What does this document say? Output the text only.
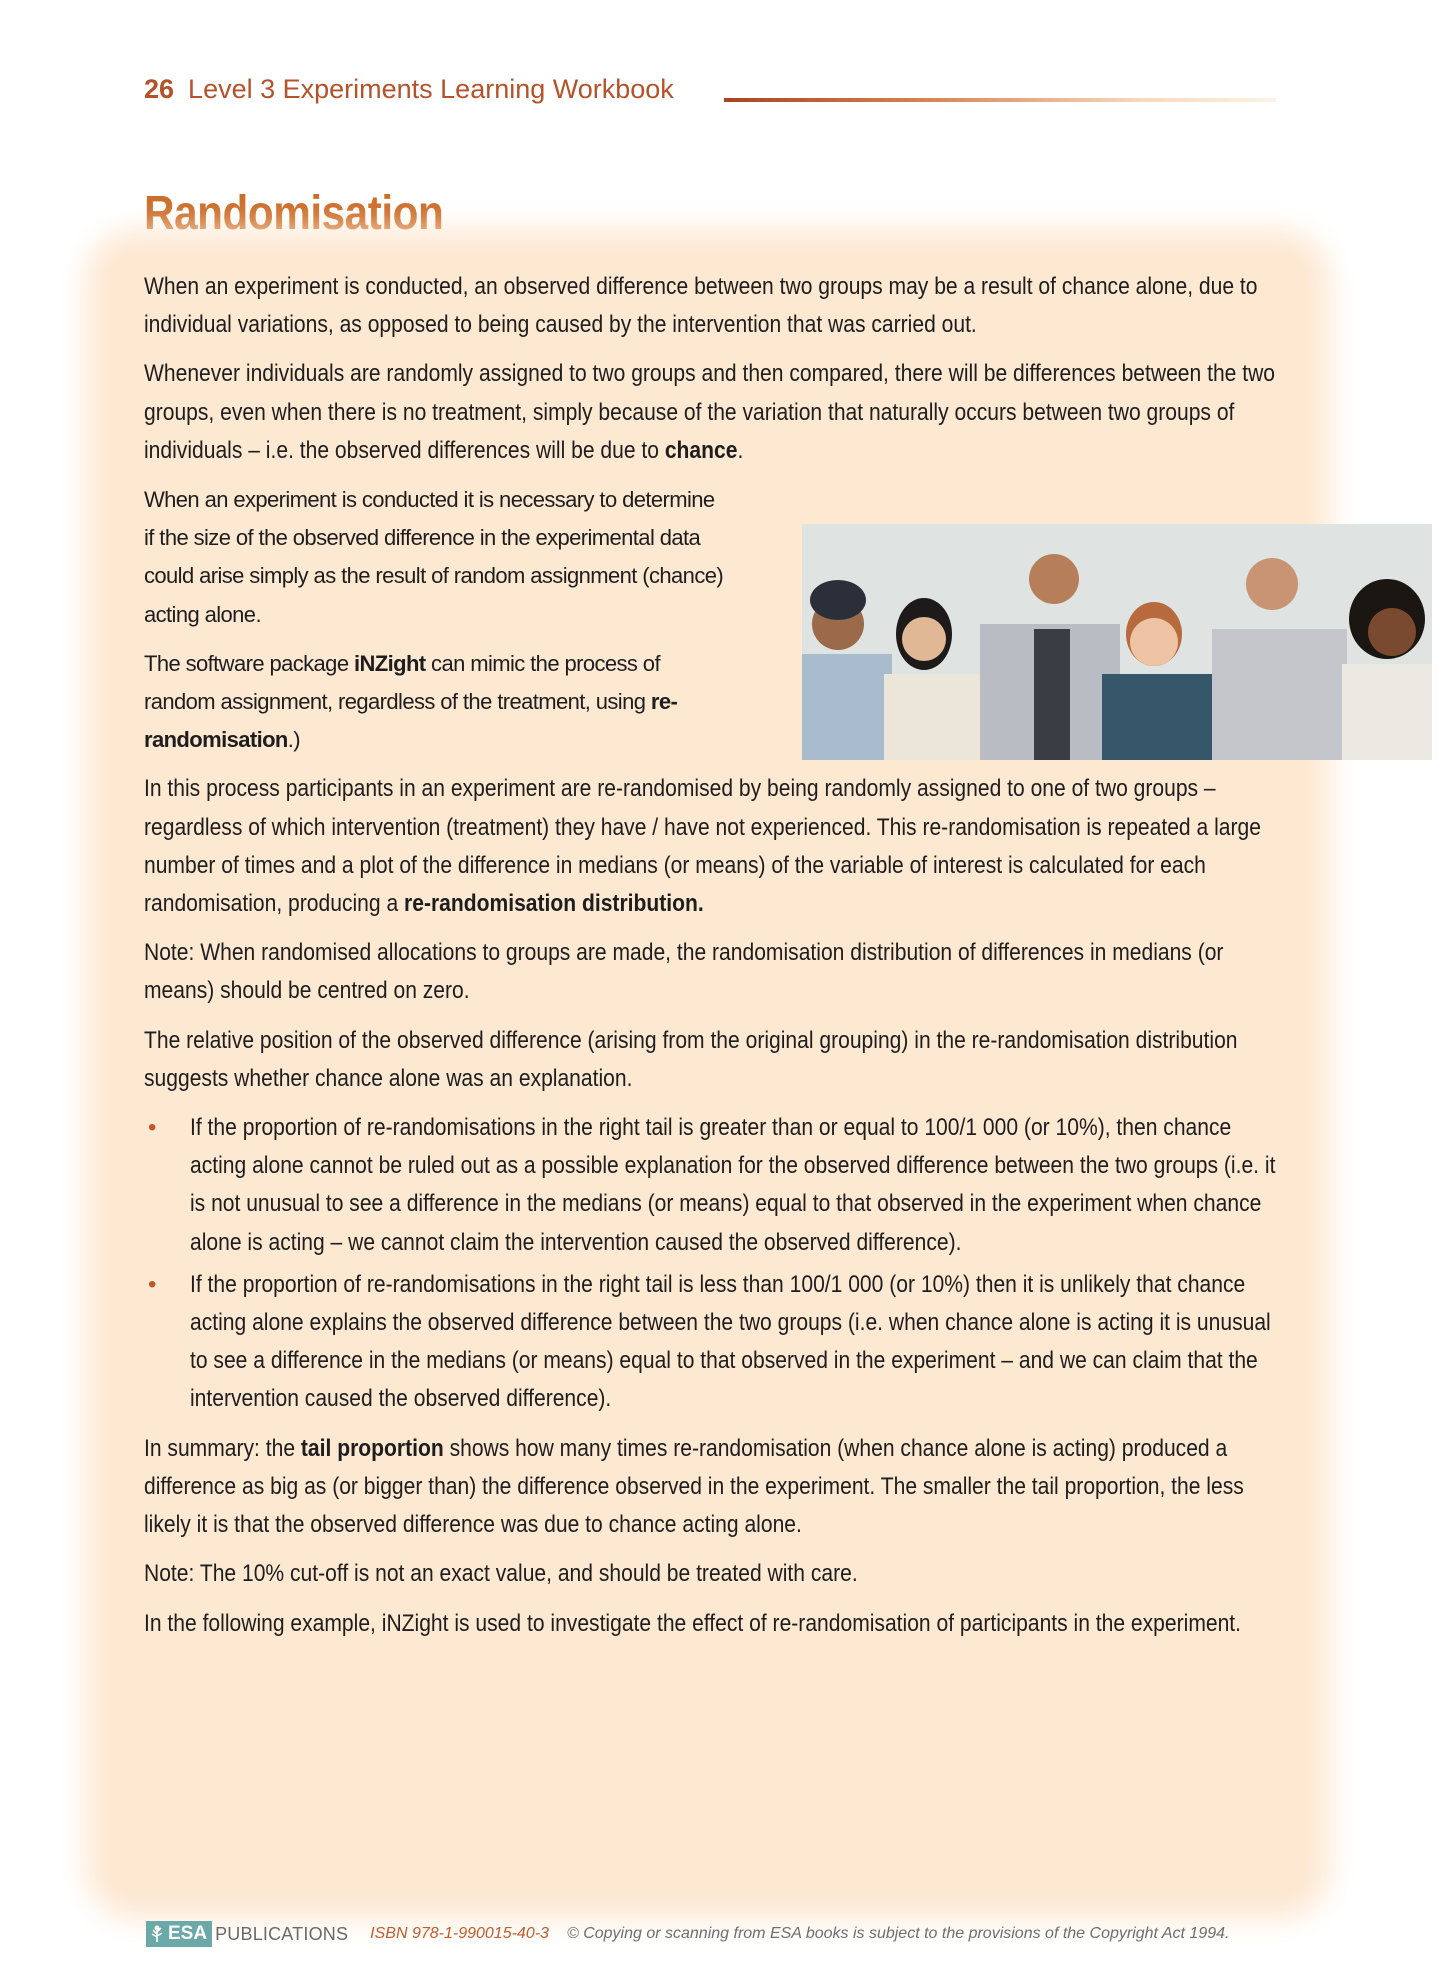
26 Level 3 Experiments Learning Workbook
Randomisation

When an experiment is conducted, an observed difference between two groups may be a result of chance alone, due to individual variations, as opposed to being caused by the intervention that was carried out.

Whenever individuals are randomly assigned to two groups and then compared, there will be differences between the two groups, even when there is no treatment, simply because of the variation that naturally occurs between two groups of individuals – i.e. the observed differences will be due to chance.

When an experiment is conducted it is necessary to determine if the size of the observed difference in the experimental data could arise simply as the result of random assignment (chance) acting alone.

The software package iNZight can mimic the process of random assignment, regardless of the treatment, using re-randomisation.)

In this process participants in an experiment are re-randomised by being randomly assigned to one of two groups – regardless of which intervention (treatment) they have / have not experienced. This re-randomisation is repeated a large number of times and a plot of the difference in medians (or means) of the variable of interest is calculated for each randomisation, producing a re-randomisation distribution.

Note: When randomised allocations to groups are made, the randomisation distribution of differences in medians (or means) should be centred on zero.

The relative position of the observed difference (arising from the original grouping) in the re-randomisation distribution suggests whether chance alone was an explanation.

• If the proportion of re-randomisations in the right tail is greater than or equal to 100/1 000 (or 10%), then chance acting alone cannot be ruled out as a possible explanation for the observed difference between the two groups (i.e. it is not unusual to see a difference in the medians (or means) equal to that observed in the experiment when chance alone is acting – we cannot claim the intervention caused the observed difference).
• If the proportion of re-randomisations in the right tail is less than 100/1 000 (or 10%) then it is unlikely that chance acting alone explains the observed difference between the two groups (i.e. when chance alone is acting it is unusual to see a difference in the medians (or means) equal to that observed in the experiment – and we can claim that the intervention caused the observed difference).

In summary: the tail proportion shows how many times re-randomisation (when chance alone is acting) produced a difference as big as (or bigger than) the difference observed in the experiment. The smaller the tail proportion, the less likely it is that the observed difference was due to chance acting alone.

Note: The 10% cut-off is not an exact value, and should be treated with care.

In the following example, iNZight is used to investigate the effect of re-randomisation of participants in the experiment.

ESA PUBLICATIONS ISBN 978-1-990015-40-3 © Copying or scanning from ESA books is subject to the provisions of the Copyright Act 1994.
